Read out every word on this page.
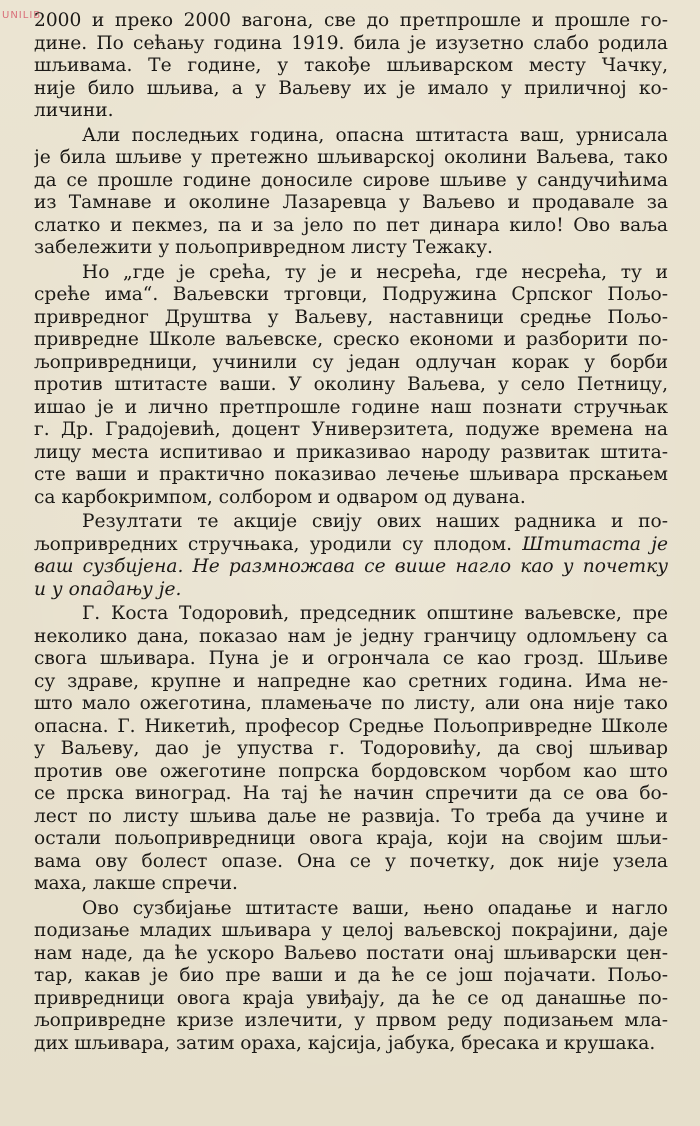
UNILIB
2000 и преко 2000 вагона, све до претпрошле и прошле го-
дине. По сећању година 1919. била је изузетно слабо родила
шљивама. Те године, у такође шљиварском месту Чачку,
није било шљива, а у Ваљеву их је имало у приличној ко-
личини.
Али последњих година, опасна штитаста ваш, урнисала
је била шљиве у претежно шљиварској околини Ваљева, тако
да се прошле године доносиле сирове шљиве у сандучићима
из Тамнаве и околине Лазаревца у Ваљево и продавале за
слатко и пекмез, па и за јело по пет динара кило! Ово ваља
забележити у пољопривредном листу Тежаку.
Но „где је срећа, ту је и несрећа, где несрећа, ту и
среће има“. Ваљевски трговци, Подружина Српског Пољо-
привредног Друштва у Ваљеву, наставници средње Пољо-
привредне Школе ваљевске, среско економи и разборити по-
љопривредници, учинили су један одлучан корак у борби
против штитасте ваши. У околину Ваљева, у село Петницу,
ишао је и лично претпрошле године наш познати стручњак
г. Др. Градојевић, доцент Универзитета, подуже времена на
лицу места испитивао и приказивао народу развитак штита-
сте ваши и практично показивао лечење шљивара прскањем
са карбокримпом, солбором и одваром од дувана.
Резултати те акције свију ових наших радника и по-
љопривредних стручњака, уродили су плодом. Штитаста је
ваш сузбијена. Не размножава се више нагло као у почетку
и у опадању је.
Г. Коста Тодоровић, председник општине ваљевске, пре
неколико дана, показао нам је једну гранчицу одломљену са
свога шљивара. Пуна је и огрончала се као грозд. Шљиве
су здраве, крупне и напредне као сретних година. Има не-
што мало ожеготина, пламењаче по листу, али она није тако
опасна. Г. Никетић, професор Средње Пољопривредне Школе
у Ваљеву, дао је упуства г. Тодоровићу, да свој шљивар
против ове ожеготине попрска бордовском чорбом као што
се прска виноград. На тај ће начин спречити да се ова бо-
лест по листу шљива даље не развија. То треба да учине и
остали пољопривредници овога краја, који на својим шљи-
вама ову болест опазе. Она се у почетку, док није узела
маха, лакше спречи.
Ово сузбијање штитасте ваши, њено опадање и нагло
подизање младих шљивара у целој ваљевској покрајини, даје
нам наде, да ће ускоро Ваљево постати онај шљиварски цен-
тар, какав је био пре ваши и да ће се још појачати. Пољо-
привредници овога краја увиђају, да ће се од данашње по-
љопривредне кризе излечити, у првом реду подизањем мла-
дих шљивара, затим ораха, кајсија, јабука, бресака и крушака.
